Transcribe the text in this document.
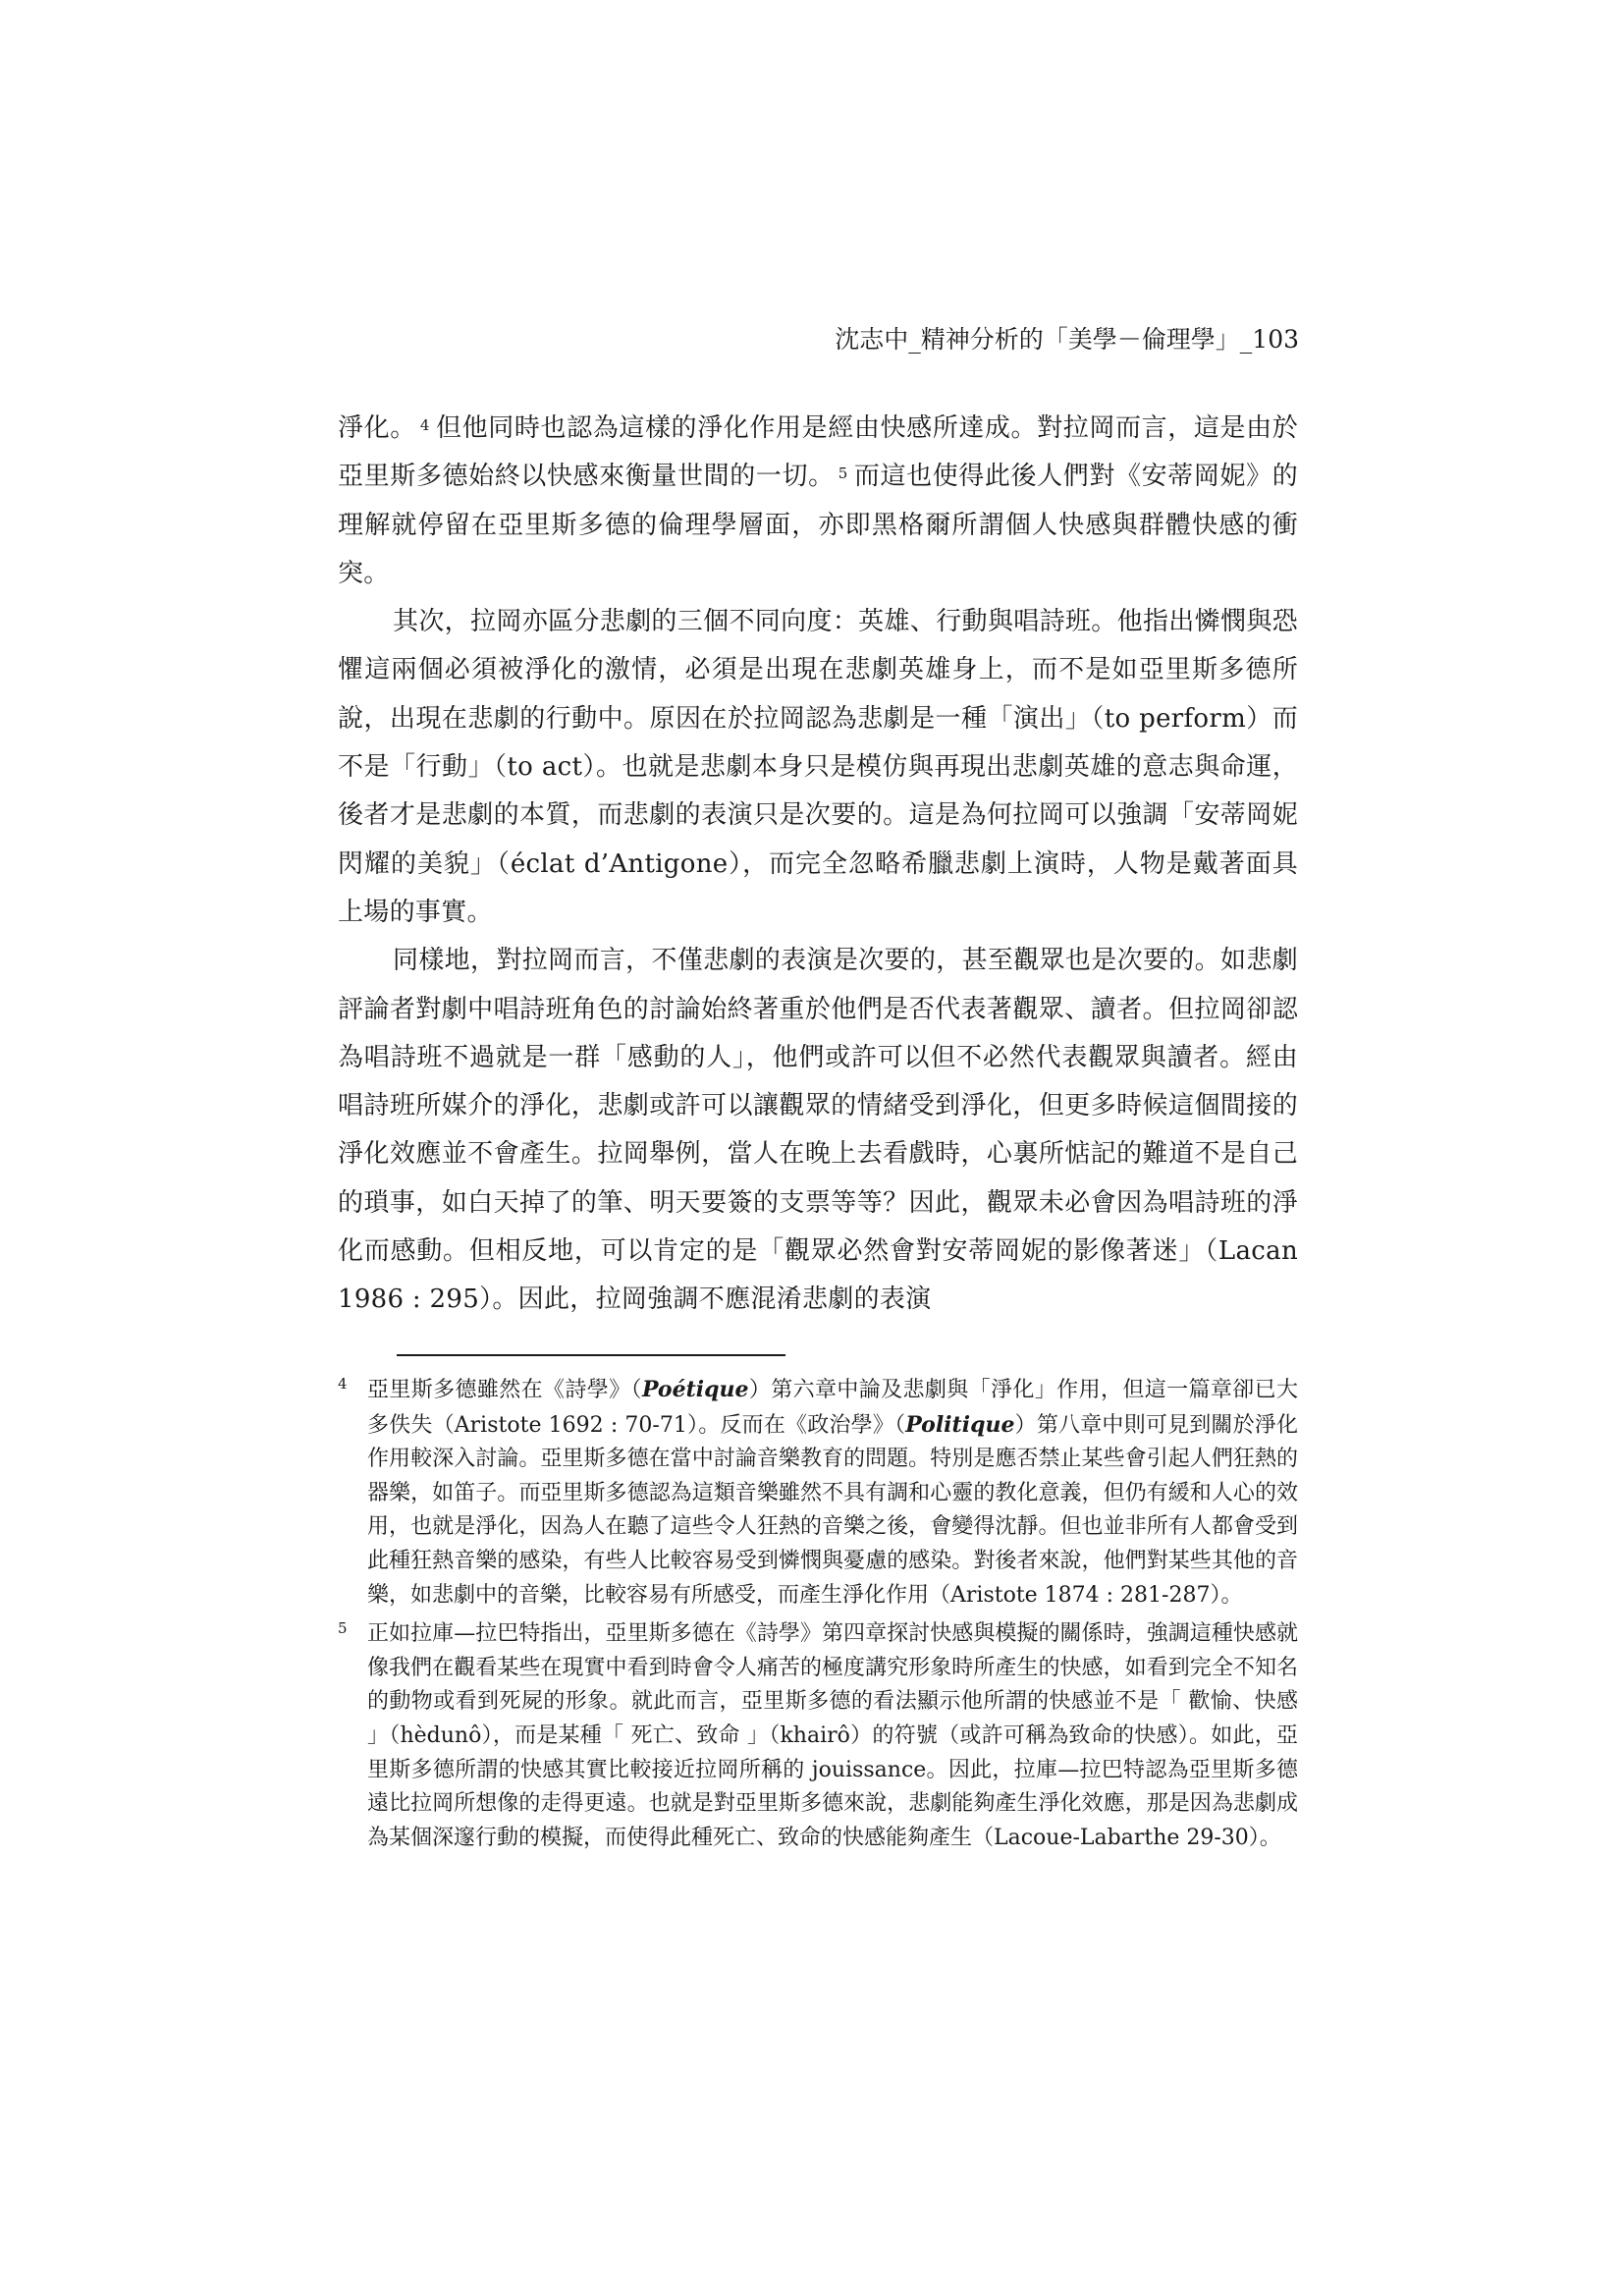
沈志中_精神分析的「美學－倫理學」_103

淨化。 $^4$ 但他同時也認為這樣的淨化作用是經由快感所達成。對拉岡而言，這是由於亞里斯多德始終以快感來衡量世間的一切。 $^5$ 而這也使得此後人們對《安蒂岡妮》的理解就停留在亞里斯多德的倫理學層面，亦即黑格爾所謂個人快感與群體快感的衝突。

其次，拉岡亦區分悲劇的三個不同向度：英雄、行動與唱詩班。他指出憐憫與恐懼這兩個必須被淨化的激情，必須是出現在悲劇英雄身上，而不是如亞里斯多德所說，出現在悲劇的行動中。原因在於拉岡認為悲劇是一種「演出」（to perform）而不是「行動」（to act）。也就是悲劇本身只是模仿與再現出悲劇英雄的意志與命運，後者才是悲劇的本質，而悲劇的表演只是次要的。這是為何拉岡可以強調「安蒂岡妮閃耀的美貌」（éclat d’Antigone），而完全忽略希臘悲劇上演時，人物是戴著面具上場的事實。

同樣地，對拉岡而言，不僅悲劇的表演是次要的，甚至觀眾也是次要的。如悲劇評論者對劇中唱詩班角色的討論始終著重於他們是否代表著觀眾、讀者。但拉岡卻認為唱詩班不過就是一群「感動的人」，他們或許可以但不必然代表觀眾與讀者。經由唱詩班所媒介的淨化，悲劇或許可以讓觀眾的情緒受到淨化，但更多時候這個間接的淨化效應並不會產生。拉岡舉例，當人在晚上去看戲時，心裏所惦記的難道不是自己的瑣事，如白天掉了的筆、明天要簽的支票等等？因此，觀眾未必會因為唱詩班的淨化而感動。但相反地，可以肯定的是「觀眾必然會對安蒂岡妮的影像著迷」（Lacan 1986 : 295）。因此，拉岡強調不應混淆悲劇的表演

4 亞里斯多德雖然在《詩學》（Poétique）第六章中論及悲劇與「淨化」作用，但這一篇章卻已大多佚失（Aristote 1692 : 70-71）。反而在《政治學》（Politique）第八章中則可見到關於淨化作用較深入討論。亞里斯多德在當中討論音樂教育的問題。特別是應否禁止某些會引起人們狂熱的器樂，如笛子。而亞里斯多德認為這類音樂雖然不具有調和心靈的教化意義，但仍有緩和人心的效用，也就是淨化，因為人在聽了這些令人狂熱的音樂之後，會變得沈靜。但也並非所有人都會受到此種狂熱音樂的感染，有些人比較容易受到憐憫與憂慮的感染。對後者來說，他們對某些其他的音樂，如悲劇中的音樂，比較容易有所感受，而產生淨化作用（Aristote 1874 : 281-287）。

5 正如拉庫—拉巴特指出，亞里斯多德在《詩學》第四章探討快感與模擬的關係時，強調這種快感就像我們在觀看某些在現實中看到時會令人痛苦的極度講究形象時所產生的快感，如看到完全不知名的動物或看到死屍的形象。就此而言，亞里斯多德的看法顯示他所謂的快感並不是「 歡愉、快感 」（hèdunô），而是某種「 死亡、致命 」（khairô）的符號（或許可稱為致命的快感）。如此，亞里斯多德所謂的快感其實比較接近拉岡所稱的 jouissance。因此，拉庫—拉巴特認為亞里斯多德遠比拉岡所想像的走得更遠。也就是對亞里斯多德來說，悲劇能夠產生淨化效應，那是因為悲劇成為某個深邃行動的模擬，而使得此種死亡、致命的快感能夠產生（Lacoue-Labarthe 29-30）。
